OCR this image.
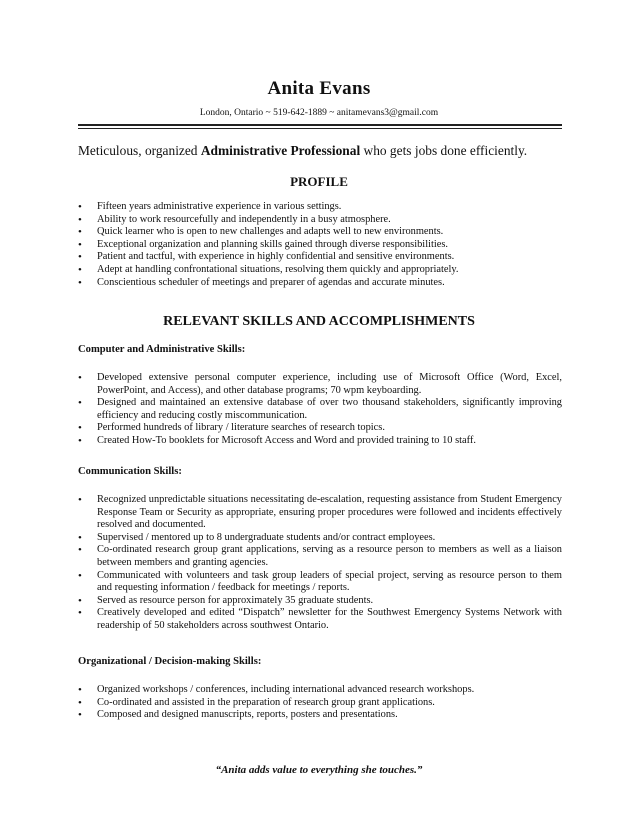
Anita Evans
London, Ontario ~ 519-642-1889 ~ anitamevans3@gmail.com
Meticulous, organized Administrative Professional who gets jobs done efficiently.
PROFILE
• Fifteen years administrative experience in various settings.
• Ability to work resourcefully and independently in a busy atmosphere.
• Quick learner who is open to new challenges and adapts well to new environments.
• Exceptional organization and planning skills gained through diverse responsibilities.
• Patient and tactful, with experience in highly confidential and sensitive environments.
• Adept at handling confrontational situations, resolving them quickly and appropriately.
• Conscientious scheduler of meetings and preparer of agendas and accurate minutes.
RELEVANT SKILLS AND ACCOMPLISHMENTS
Computer and Administrative Skills:
• Developed extensive personal computer experience, including use of Microsoft Office (Word, Excel, PowerPoint, and Access), and other database programs; 70 wpm keyboarding.
• Designed and maintained an extensive database of over two thousand stakeholders, significantly improving efficiency and reducing costly miscommunication.
• Performed hundreds of library / literature searches of research topics.
• Created How-To booklets for Microsoft Access and Word and provided training to 10 staff.
Communication Skills:
• Recognized unpredictable situations necessitating de-escalation, requesting assistance from Student Emergency Response Team or Security as appropriate, ensuring proper procedures were followed and incidents effectively resolved and documented.
• Supervised / mentored up to 8 undergraduate students and/or contract employees.
• Co-ordinated research group grant applications, serving as a resource person to members as well as a liaison between members and granting agencies.
• Communicated with volunteers and task group leaders of special project, serving as resource person to them and requesting information / feedback for meetings / reports.
• Served as resource person for approximately 35 graduate students.
• Creatively developed and edited “Dispatch” newsletter for the Southwest Emergency Systems Network with readership of 50 stakeholders across southwest Ontario.
Organizational / Decision-making Skills:
• Organized workshops / conferences, including international advanced research workshops.
• Co-ordinated and assisted in the preparation of research group grant applications.
• Composed and designed manuscripts, reports, posters and presentations.
“Anita adds value to everything she touches.”
